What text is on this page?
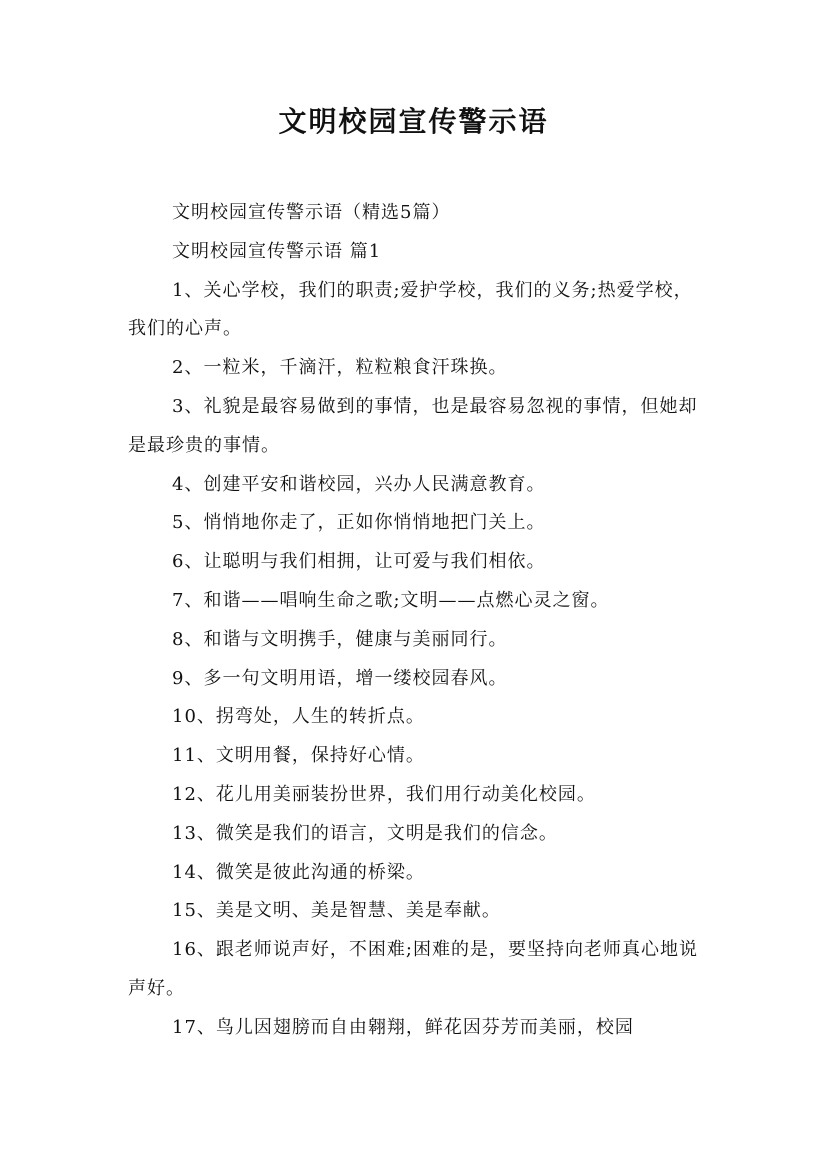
文明校园宣传警示语

文明校园宣传警示语（精选5篇）

文明校园宣传警示语 篇1

1、关心学校，我们的职责;爱护学校，我们的义务;热爱学校，我们的心声。

2、一粒米，千滴汗，粒粒粮食汗珠换。

3、礼貌是最容易做到的事情，也是最容易忽视的事情，但她却是最珍贵的事情。

4、创建平安和谐校园，兴办人民满意教育。

5、悄悄地你走了，正如你悄悄地把门关上。

6、让聪明与我们相拥，让可爱与我们相依。

7、和谐——唱响生命之歌;文明——点燃心灵之窗。

8、和谐与文明携手，健康与美丽同行。

9、多一句文明用语，增一缕校园春风。

10、拐弯处，人生的转折点。

11、文明用餐，保持好心情。

12、花儿用美丽装扮世界，我们用行动美化校园。

13、微笑是我们的语言，文明是我们的信念。

14、微笑是彼此沟通的桥梁。

15、美是文明、美是智慧、美是奉献。

16、跟老师说声好，不困难;困难的是，要坚持向老师真心地说声好。

17、鸟儿因翅膀而自由翱翔，鲜花因芬芳而美丽，校园
